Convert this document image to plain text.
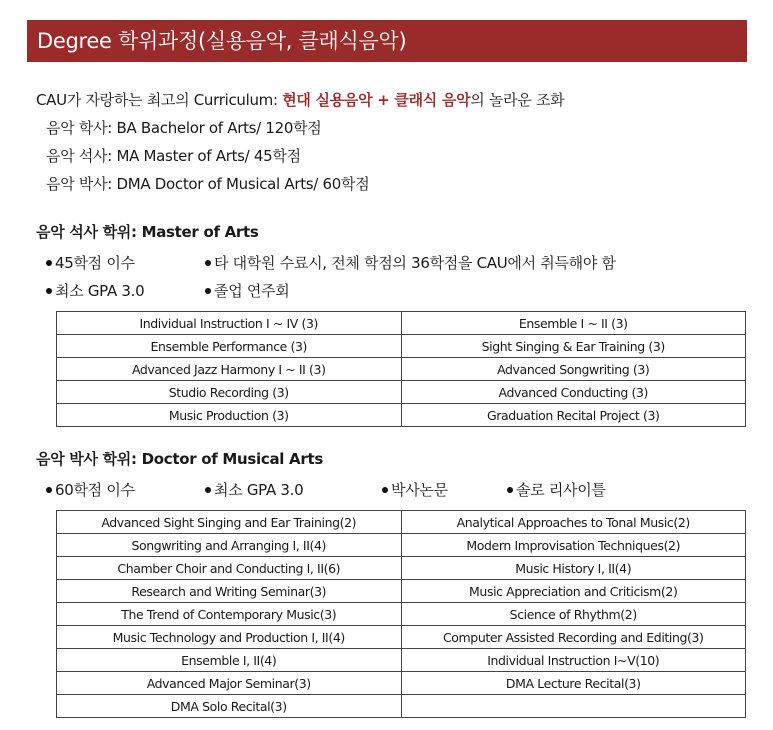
Degree 학위과정(실용음악, 클래식음악)
CAU가 자랑하는 최고의 Curriculum: 현대 실용음악 + 클래식 음악의 놀라운 조화
음악 학사: BA Bachelor of Arts/ 120학점
음악 석사: MA Master of Arts/ 45학점
음악 박사: DMA Doctor of Musical Arts/ 60학점
음악 석사 학위: Master of Arts
45학점 이수	타 대학원 수료시, 전체 학점의 36학점을 CAU에서 취득해야 함
최소 GPA 3.0	졸업 연주회
Individual Instruction I ~ IV (3)	Ensemble I ~ II (3)
Ensemble Performance (3)	Sight Singing & Ear Training (3)
Advanced Jazz Harmony I ~ II (3)	Advanced Songwriting (3)
Studio Recording (3)	Advanced Conducting (3)
Music Production (3)	Graduation Recital Project (3)
음악 박사 학위: Doctor of Musical Arts
60학점 이수	최소 GPA 3.0	박사논문	솔로 리사이틀
Advanced Sight Singing and Ear Training(2)	Analytical Approaches to Tonal Music(2)
Songwriting and Arranging I, II(4)	Modern Improvisation Techniques(2)
Chamber Choir and Conducting I, II(6)	Music History I, II(4)
Research and Writing Seminar(3)	Music Appreciation and Criticism(2)
The Trend of Contemporary Music(3)	Science of Rhythm(2)
Music Technology and Production I, II(4)	Computer Assisted Recording and Editing(3)
Ensemble I, II(4)	Individual Instruction I~V(10)
Advanced Major Seminar(3)	DMA Lecture Recital(3)
DMA Solo Recital(3)	
